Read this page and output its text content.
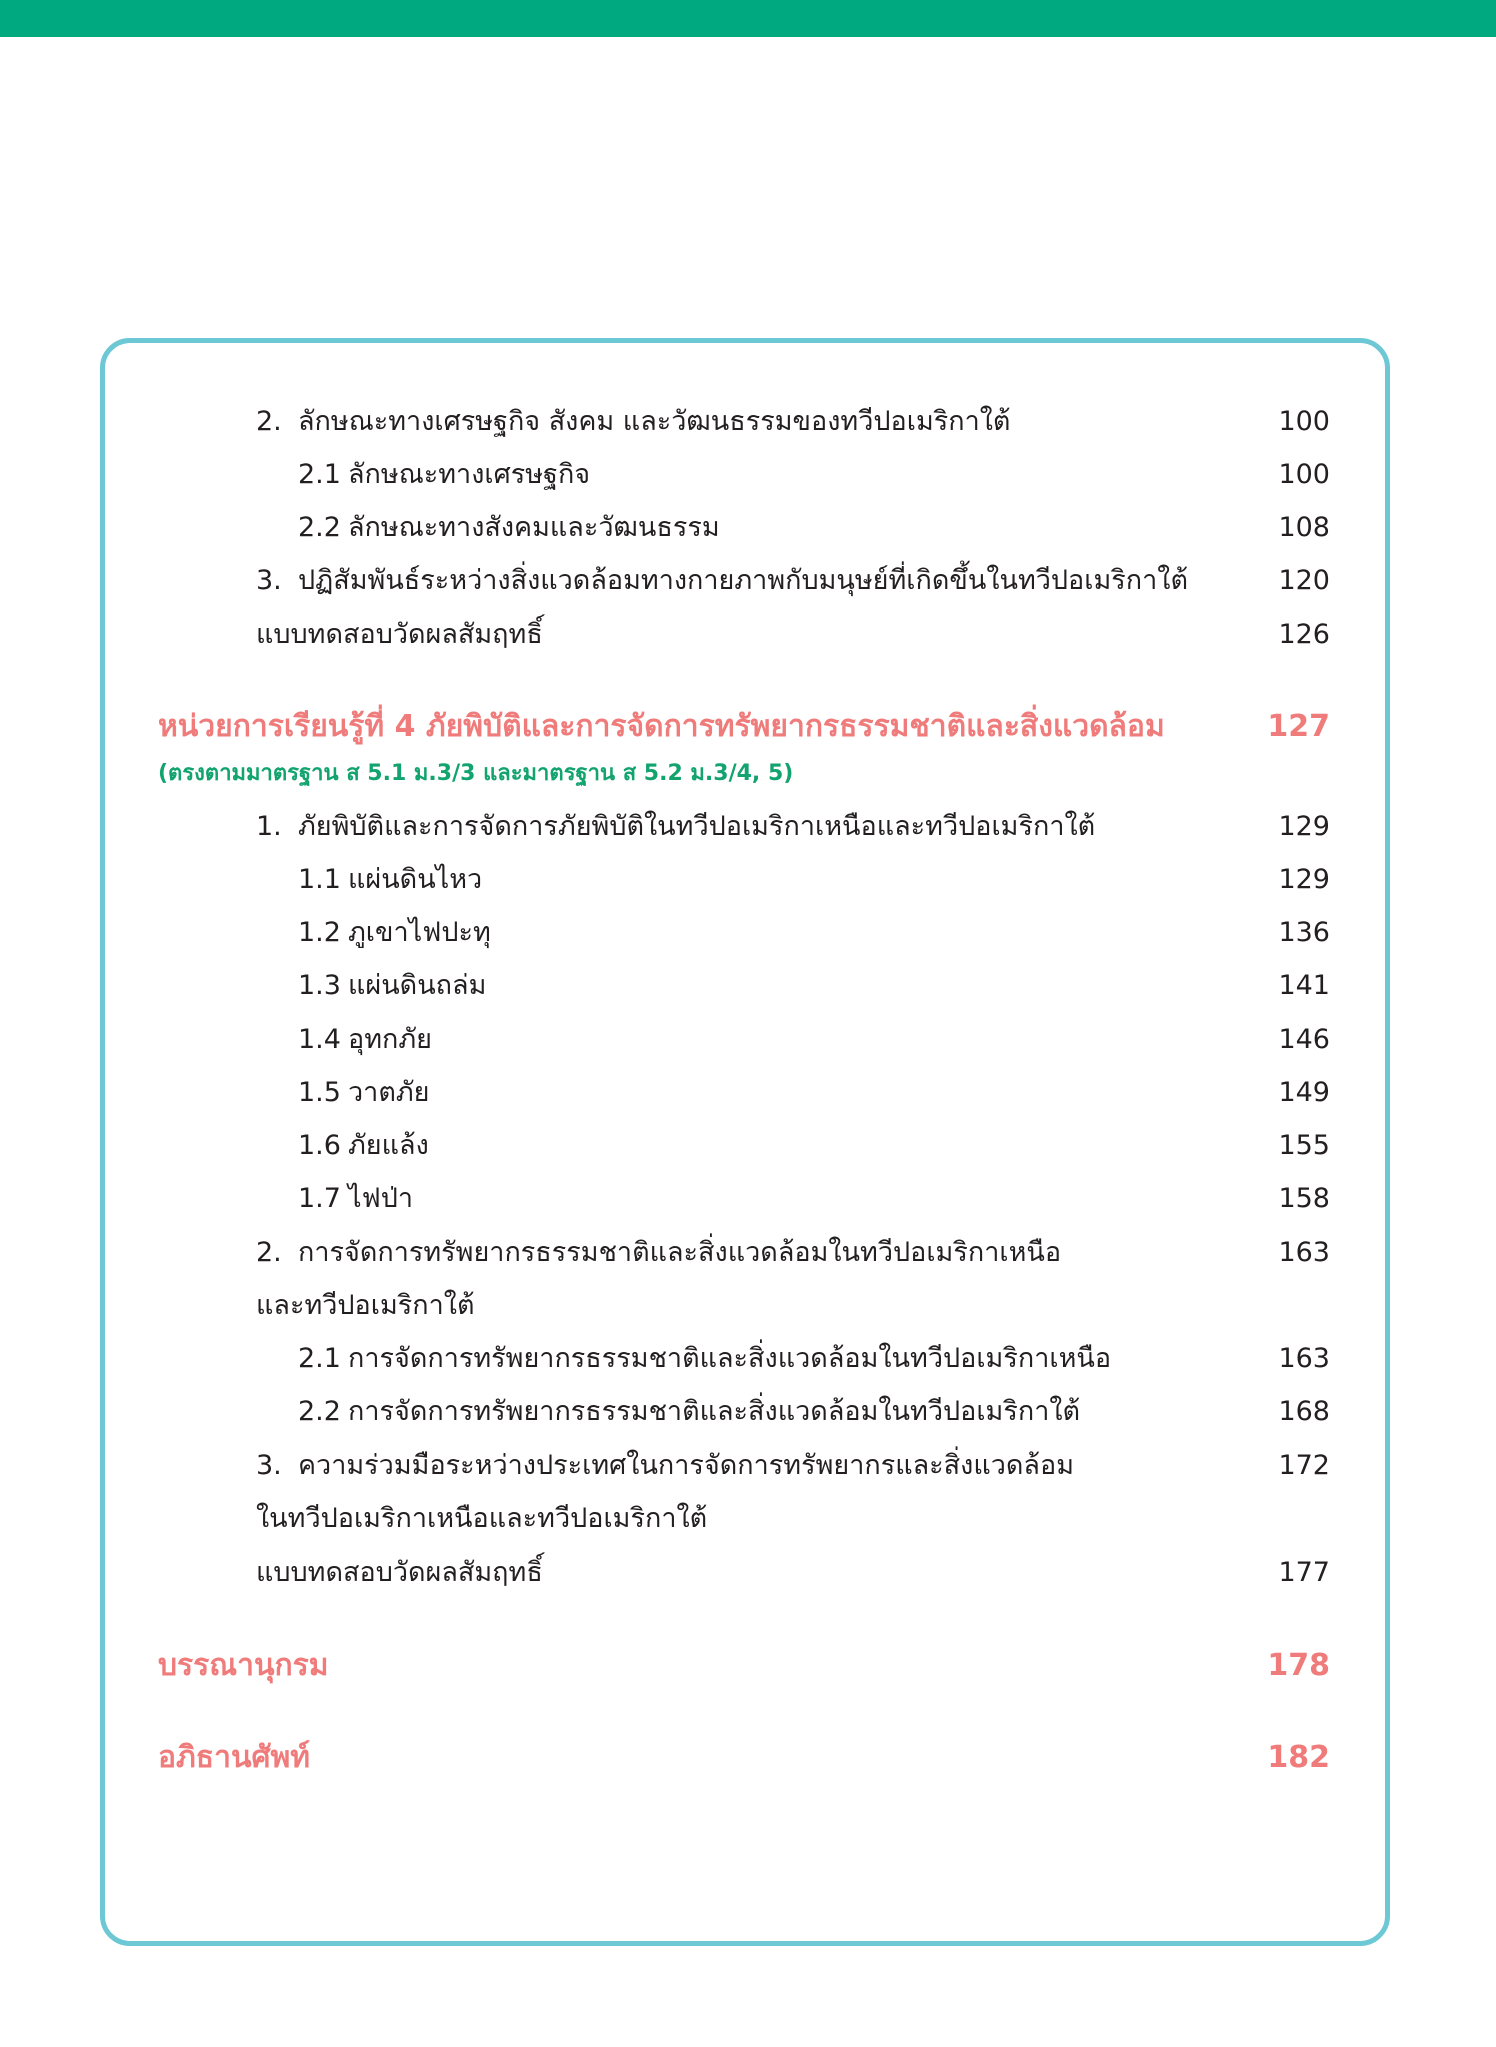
2. ลักษณะทางเศรษฐกิจ สังคม และวัฒนธรรมของทวีปอเมริกาใต้	100
2.1 ลักษณะทางเศรษฐกิจ	100
2.2 ลักษณะทางสังคมและวัฒนธรรม	108
3. ปฏิสัมพันธ์ระหว่างสิ่งแวดล้อมทางกายภาพกับมนุษย์ที่เกิดขึ้นในทวีปอเมริกาใต้	120
แบบทดสอบวัดผลสัมฤทธิ์	126
หน่วยการเรียนรู้ที่ 4 ภัยพิบัติและการจัดการทรัพยากรธรรมชาติและสิ่งแวดล้อม	127
1. ภัยพิบัติและการจัดการภัยพิบัติในทวีปอเมริกาเหนือและทวีปอเมริกาใต้	129
1.1 แผ่นดินไหว	129
1.2 ภูเขาไฟปะทุ	136
1.3 แผ่นดินถล่ม	141
1.4 อุทกภัย	146
1.5 วาตภัย	149
1.6 ภัยแล้ง	155
1.7 ไฟป่า	158
2. การจัดการทรัพยากรธรรมชาติและสิ่งแวดล้อมในทวีปอเมริกาเหนือ	163
และทวีปอเมริกาใต้
2.1 การจัดการทรัพยากรธรรมชาติและสิ่งแวดล้อมในทวีปอเมริกาเหนือ	163
2.2 การจัดการทรัพยากรธรรมชาติและสิ่งแวดล้อมในทวีปอเมริกาใต้	168
3. ความร่วมมือระหว่างประเทศในการจัดการทรัพยากรและสิ่งแวดล้อม	172
ในทวีปอเมริกาเหนือและทวีปอเมริกาใต้
แบบทดสอบวัดผลสัมฤทธิ์	177
บรรณานุกรม	178
อภิธานศัพท์	182
(ตรงตามมาตรฐาน ส 5.1 ม.3/3 และมาตรฐาน ส 5.2 ม.3/4, 5)
